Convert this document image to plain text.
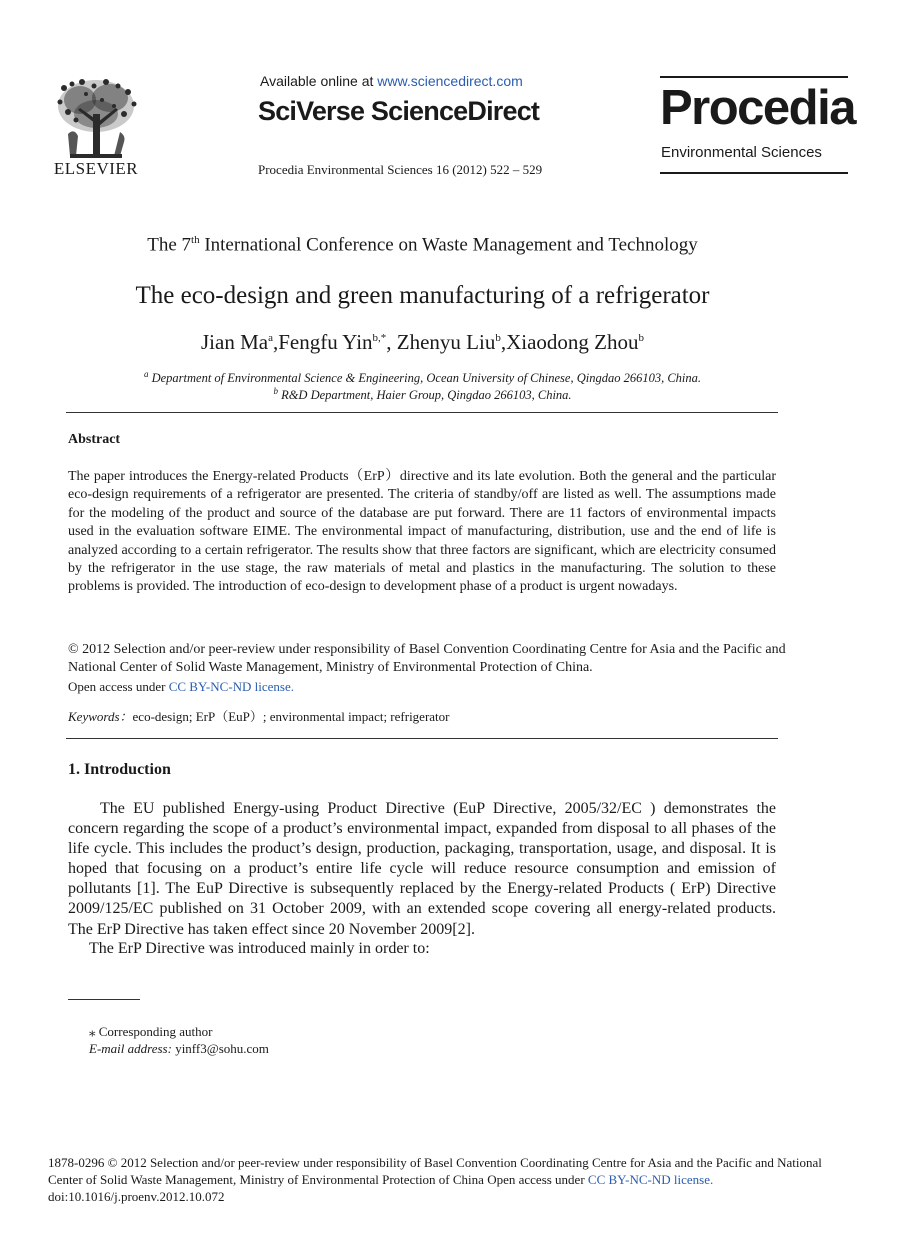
ELSEVIER
Available online at www.sciencedirect.com
SciVerse ScienceDirect
Procedia Environmental Sciences 16 (2012) 522 – 529
Procedia
Environmental Sciences
The 7th International Conference on Waste Management and Technology
The eco-design and green manufacturing of a refrigerator
Jian Ma$^a$,Fengfu Yin$^{b,*}$, Zhenyu Liu$^b$,Xiaodong Zhou$^b$
$^a$ Department of Environmental Science & Engineering, Ocean University of Chinese, Qingdao 266103, China.
$^b$ R&D Department, Haier Group, Qingdao 266103, China.
Abstract
The paper introduces the Energy-related Products（ErP）directive and its late evolution. Both the general and the particular eco-design requirements of a refrigerator are presented. The criteria of standby/off are listed as well. The assumptions made for the modeling of the product and source of the database are put forward. There are 11 factors of environmental impacts used in the evaluation software EIME. The environmental impact of manufacturing, distribution, use and the end of life is analyzed according to a certain refrigerator. The results show that three factors are significant, which are electricity consumed by the refrigerator in the use stage, the raw materials of metal and plastics in the manufacturing. The solution to these problems is provided. The introduction of eco-design to development phase of a product is urgent nowadays.
© 2012 Selection and/or peer-review under responsibility of Basel Convention Coordinating Centre for Asia and the Pacific and National Center of Solid Waste Management, Ministry of Environmental Protection of China.
Open access under CC BY-NC-ND license.
Keywords：eco-design; ErP（EuP）; environmental impact; refrigerator
1. Introduction
The EU published Energy-using Product Directive (EuP Directive, 2005/32/EC ) demonstrates the concern regarding the scope of a product’s environmental impact, expanded from disposal to all phases of the life cycle. This includes the product’s design, production, packaging, transportation, usage, and disposal. It is hoped that focusing on a product’s entire life cycle will reduce resource consumption and emission of pollutants [1]. The EuP Directive is subsequently replaced by the Energy-related Products ( ErP) Directive 2009/125/EC published on 31 October 2009, with an extended scope covering all energy-related products. The ErP Directive has taken effect since 20 November 2009[2].
The ErP Directive was introduced mainly in order to:
⁎ Corresponding author
E-mail address: yinff3@sohu.com
1878-0296 © 2012 Selection and/or peer-review under responsibility of Basel Convention Coordinating Centre for Asia and the Pacific and National Center of Solid Waste Management, Ministry of Environmental Protection of China Open access under CC BY-NC-ND license.
doi:10.1016/j.proenv.2012.10.072
